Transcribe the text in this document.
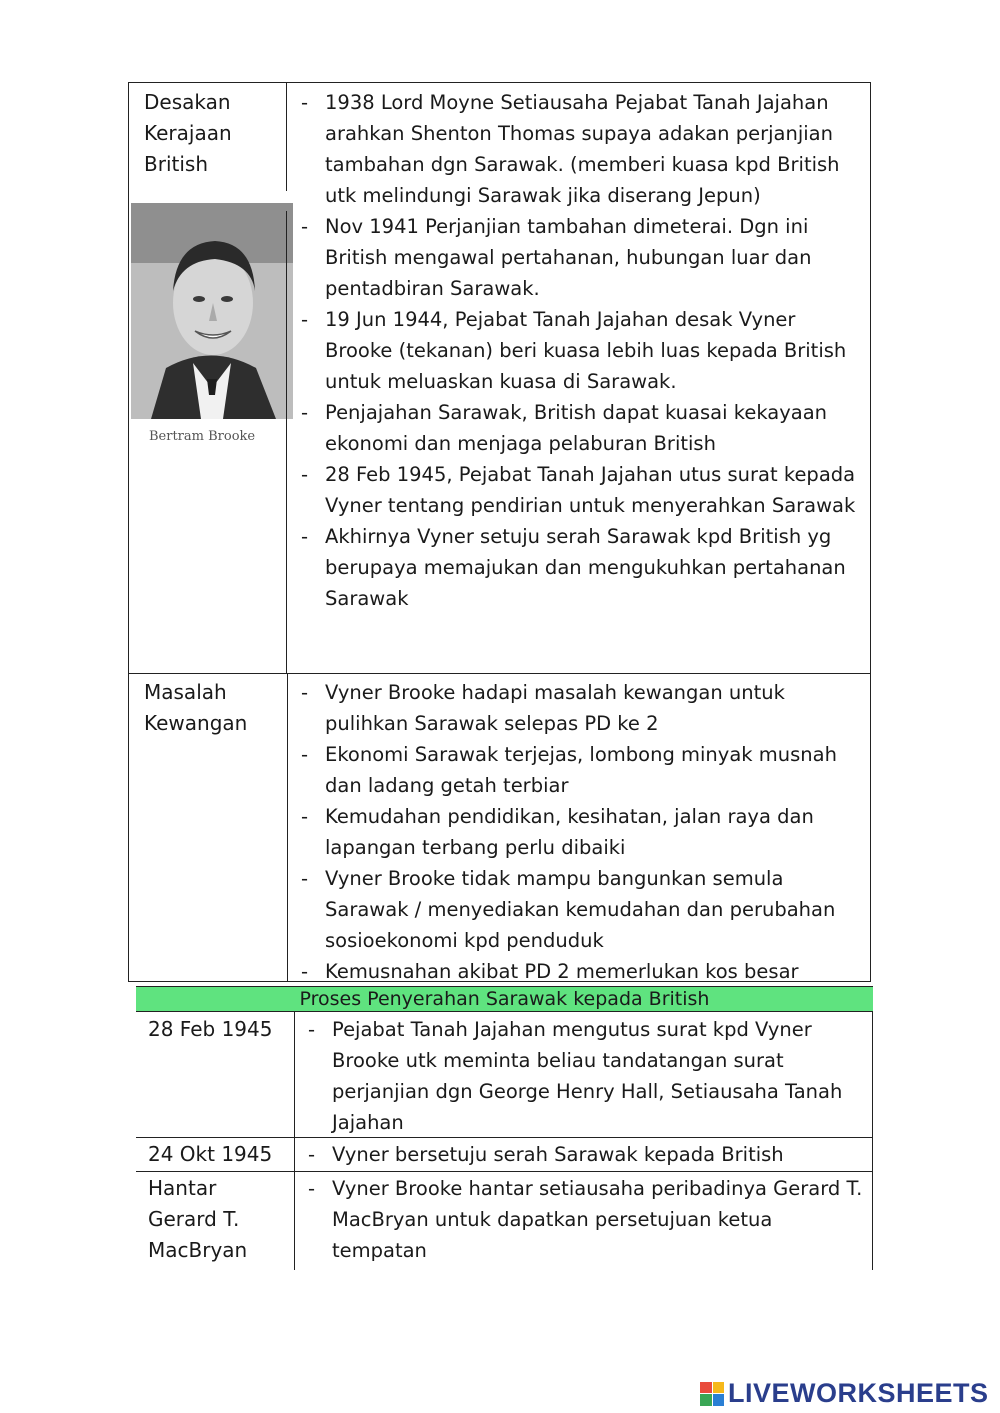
Desakan
Kerajaan
British
Bertram Brooke
- 1938 Lord Moyne Setiausaha Pejabat Tanah Jajahan arahkan Shenton Thomas supaya adakan perjanjian tambahan dgn Sarawak. (memberi kuasa kpd British utk melindungi Sarawak jika diserang Jepun)
- Nov 1941 Perjanjian tambahan dimeterai. Dgn ini British mengawal pertahanan, hubungan luar dan pentadbiran Sarawak.
- 19 Jun 1944, Pejabat Tanah Jajahan desak Vyner Brooke (tekanan) beri kuasa lebih luas kepada British untuk meluaskan kuasa di Sarawak.
- Penjajahan Sarawak, British dapat kuasai kekayaan ekonomi dan menjaga pelaburan British
- 28 Feb 1945, Pejabat Tanah Jajahan utus surat kepada Vyner tentang pendirian untuk menyerahkan Sarawak
- Akhirnya Vyner setuju serah Sarawak kpd British yg berupaya memajukan dan mengukuhkan pertahanan Sarawak
Masalah
Kewangan
- Vyner Brooke hadapi masalah kewangan untuk pulihkan Sarawak selepas PD ke 2
- Ekonomi Sarawak terjejas, lombong minyak musnah dan ladang getah terbiar
- Kemudahan pendidikan, kesihatan, jalan raya dan lapangan terbang perlu dibaiki
- Vyner Brooke tidak mampu bangunkan semula Sarawak / menyediakan kemudahan dan perubahan sosioekonomi kpd penduduk
- Kemusnahan akibat PD 2 memerlukan kos besar
Proses Penyerahan Sarawak kepada British
28 Feb 1945	- Pejabat Tanah Jajahan mengutus surat kpd Vyner Brooke utk meminta beliau tandatangan surat perjanjian dgn George Henry Hall, Setiausaha Tanah Jajahan
24 Okt 1945	- Vyner bersetuju serah Sarawak kepada British
Hantar
Gerard T.
MacBryan
- Vyner Brooke hantar setiausaha peribadinya Gerard T. MacBryan untuk dapatkan persetujuan ketua tempatan
LIVEWORKSHEETS
